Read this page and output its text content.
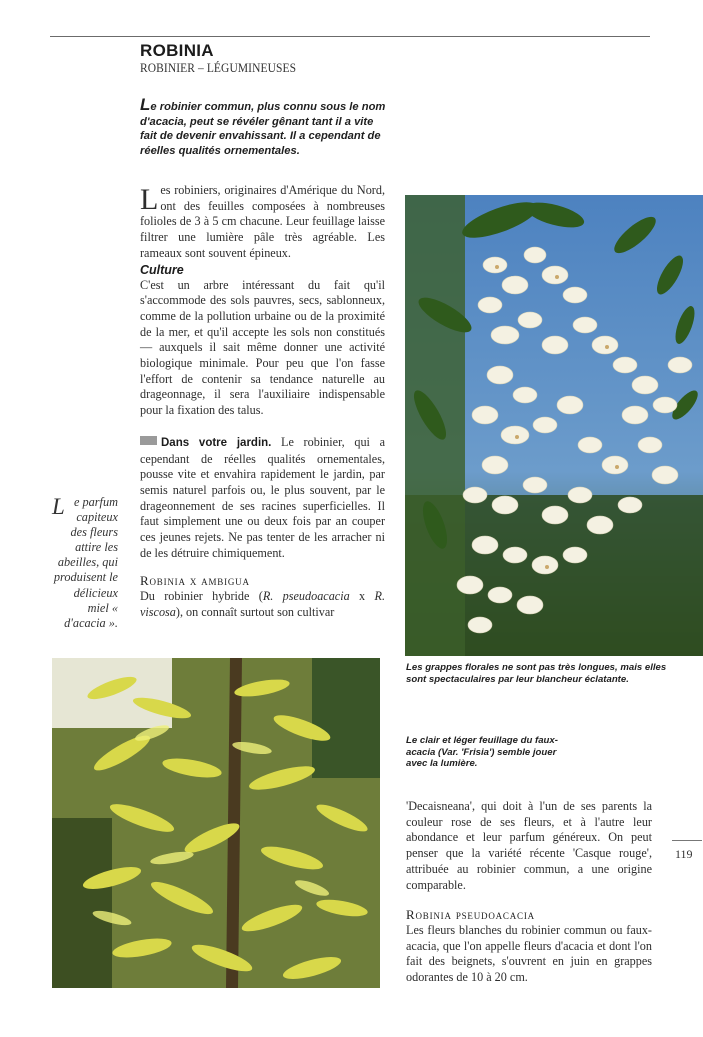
ROBINIA
ROBINIER – LÉGUMINEUSES
Le robinier commun, plus connu sous le nom d'acacia, peut se révéler gênant tant il a vite fait de devenir envahissant. Il a cependant de réelles qualités ornementales.

Les robiniers, originaires d'Amérique du Nord, ont des feuilles composées à nombreuses folioles de 3 à 5 cm chacune. Leur feuillage laisse filtrer une lumière pâle très agréable. Les rameaux sont souvent épineux.

Culture

C'est un arbre intéressant du fait qu'il s'accommode des sols pauvres, secs, sablonneux, comme de la pollution urbaine ou de la proximité de la mer, et qu'il accepte les sols non constitués — auxquels il sait même donner une activité biologique minimale. Pour peu que l'on fasse l'effort de contenir sa tendance naturelle au drageonnage, il sera l'auxiliaire indispensable pour la fixation des talus.

Dans votre jardin. Le robinier, qui a cependant de réelles qualités ornementales, pousse vite et envahira rapidement le jardin, par semis naturel parfois ou, le plus souvent, par le drageonnement de ses racines superficielles. Il faut simplement une ou deux fois par an couper ces jeunes rejets. Ne pas tenter de les arracher ni de les détruire chimiquement.

Robinia x ambigua

Du robinier hybride (R. pseudoacacia x R. viscosa), on connaît surtout son cultivar

Le parfum capiteux des fleurs attire les abeilles, qui produisent le délicieux miel « d'acacia ».
Les grappes florales ne sont pas très longues, mais elles sont spectaculaires par leur blancheur éclatante.
Le clair et léger feuillage du faux-acacia (Var. 'Frisia') semble jouer avec la lumière.

'Decaisneana', qui doit à l'un de ses parents la couleur rose de ses fleurs, et à l'autre leur abondance et leur parfum généreux. On peut penser que la variété récente 'Casque rouge', attribuée au robinier commun, a une origine comparable.

Robinia pseudoacacia

Les fleurs blanches du robinier commun ou faux-acacia, que l'on appelle fleurs d'acacia et dont l'on fait des beignets, s'ouvrent en juin en grappes odorantes de 10 à 20 cm.

119
